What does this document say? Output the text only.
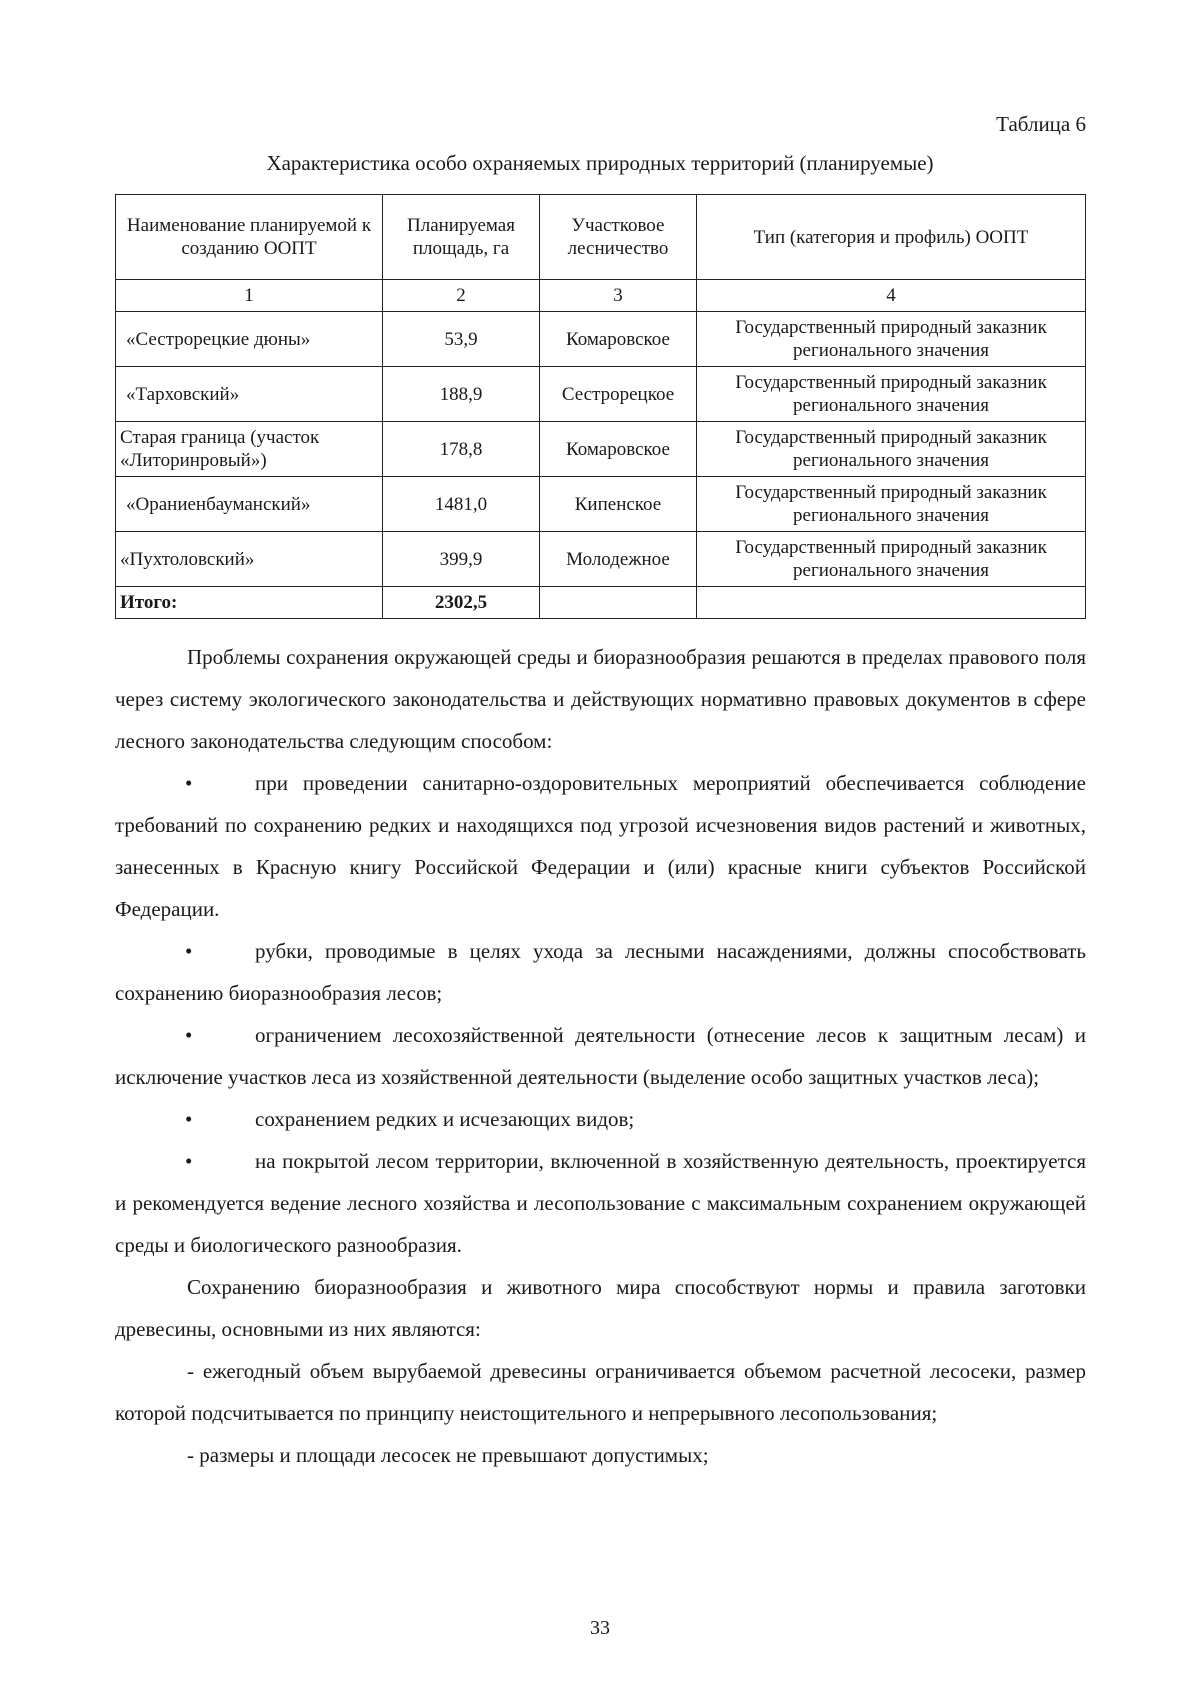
Таблица 6
Характеристика особо охраняемых природных территорий (планируемые)
Наименование планируемой к созданию ООПТ	Планируемая площадь, га	Участковое лесничество	Тип (категория и профиль) ООПТ
1	2	3	4
«Сестрорецкие дюны»	53,9	Комаровское	Государственный природный заказник регионального значения
«Тарховский»	188,9	Сестрорецкое	Государственный природный заказник регионального значения
Старая граница (участок «Литоринровый»)	178,8	Комаровское	Государственный природный заказник регионального значения
«Ораниенбауманский»	1481,0	Кипенское	Государственный природный заказник регионального значения
«Пухтоловский»	399,9	Молодежное	Государственный природный заказник регионального значения
Итого:	2302,5		

Проблемы сохранения окружающей среды и биоразнообразия решаются в пределах правового поля через систему экологического законодательства и действующих нормативно правовых документов в сфере лесного законодательства следующим способом:

•	при проведении санитарно-оздоровительных мероприятий обеспечивается соблюдение требований по сохранению редких и находящихся под угрозой исчезновения видов растений и животных, занесенных в Красную книгу Российской Федерации и (или) красные книги субъектов Российской Федерации.

•	рубки, проводимые в целях ухода за лесными насаждениями, должны способствовать сохранению биоразнообразия лесов;

•	ограничением лесохозяйственной деятельности (отнесение лесов к защитным лесам) и исключение участков леса из хозяйственной деятельности (выделение особо защитных участков леса);

•	сохранением редких и исчезающих видов;

•	на покрытой лесом территории, включенной в хозяйственную деятельность, проектируется и рекомендуется ведение лесного хозяйства и лесопользование с максимальным сохранением окружающей среды и биологического разнообразия.

Сохранению биоразнообразия и животного мира способствуют нормы и правила заготовки древесины, основными из них являются:

- ежегодный объем вырубаемой древесины ограничивается объемом расчетной лесосеки, размер которой подсчитывается по принципу неистощительного и непрерывного лесопользования;

- размеры и площади лесосек не превышают допустимых;

33
